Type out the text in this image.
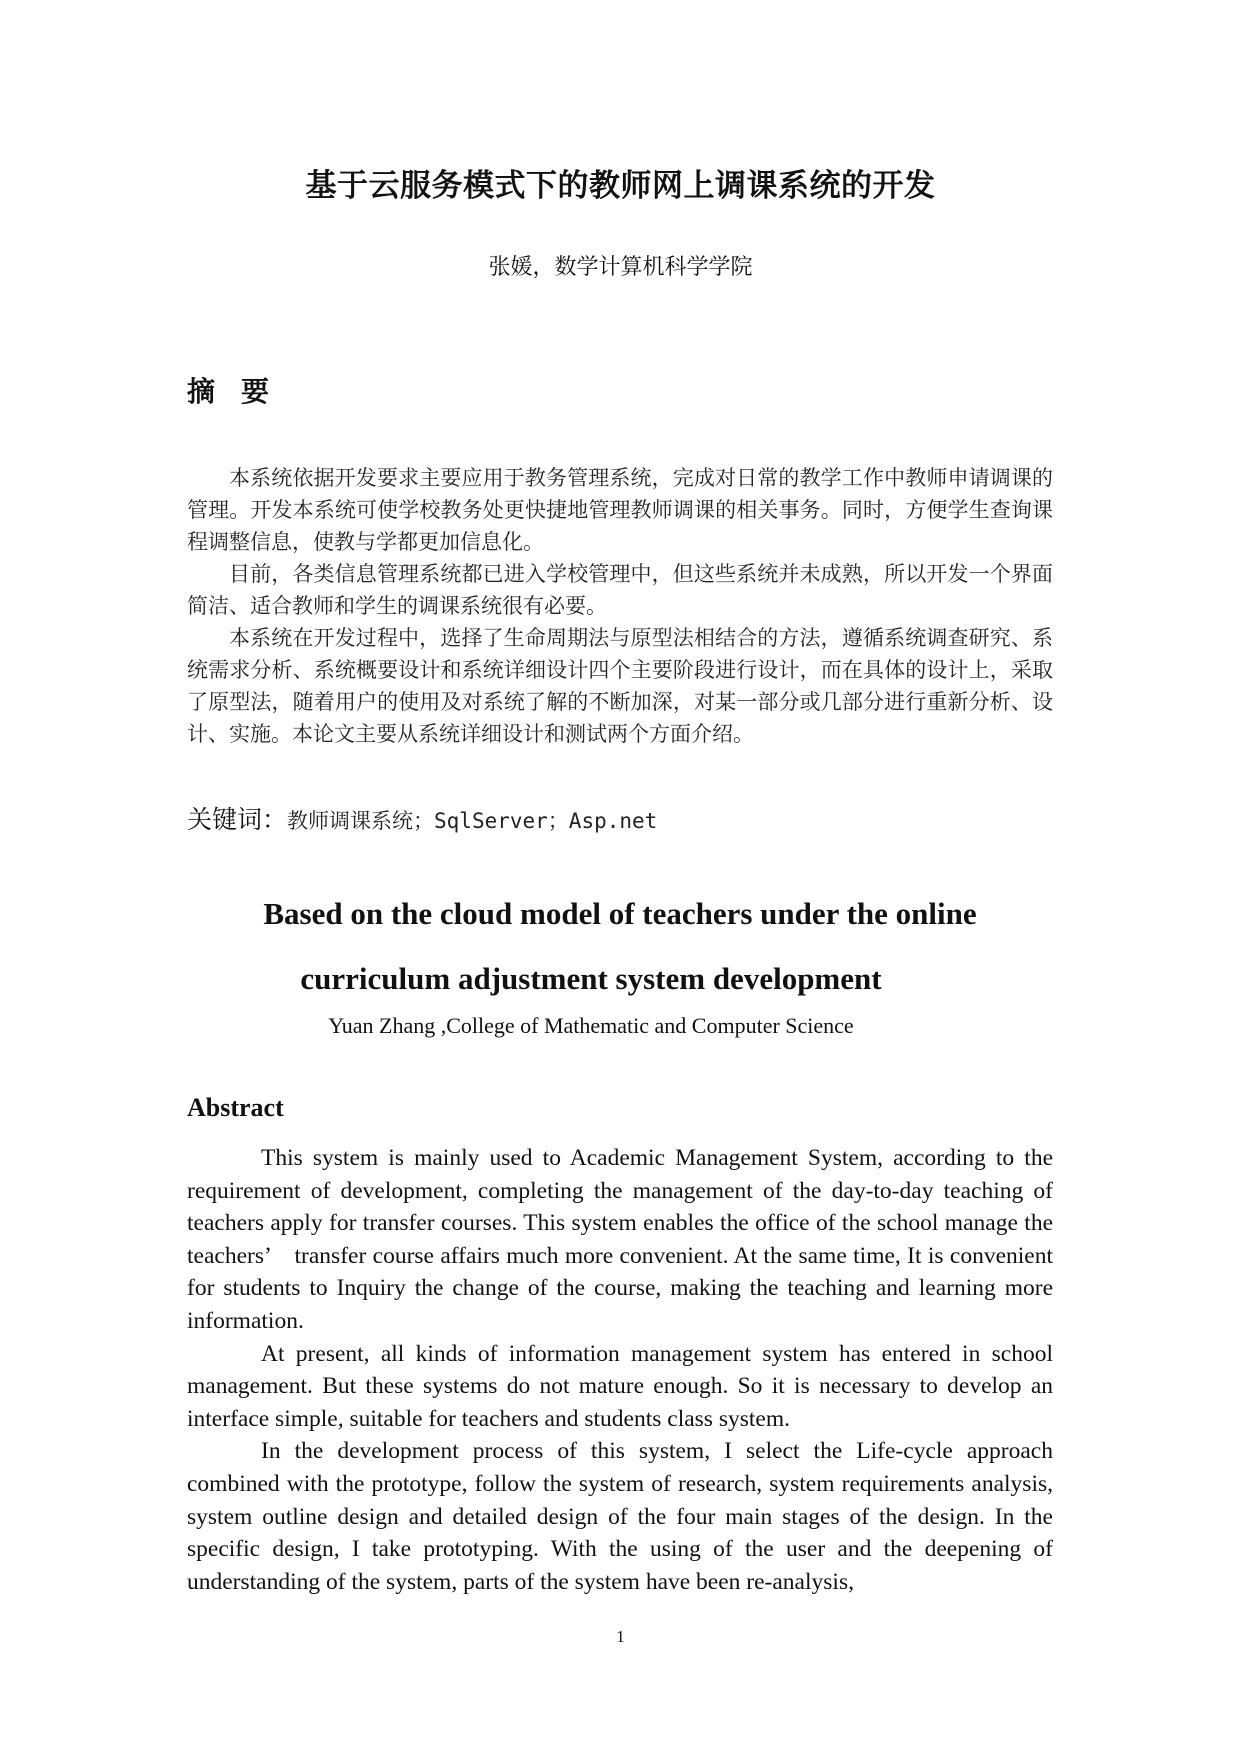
基于云服务模式下的教师网上调课系统的开发
张媛，数学计算机科学学院
摘要

本系统依据开发要求主要应用于教务管理系统，完成对日常的教学工作中教师申请调课的管理。开发本系统可使学校教务处更快捷地管理教师调课的相关事务。同时，方便学生查询课程调整信息，使教与学都更加信息化。

目前，各类信息管理系统都已进入学校管理中，但这些系统并未成熟，所以开发一个界面简洁、适合教师和学生的调课系统很有必要。

本系统在开发过程中，选择了生命周期法与原型法相结合的方法，遵循系统调查研究、系统需求分析、系统概要设计和系统详细设计四个主要阶段进行设计，而在具体的设计上，采取了原型法，随着用户的使用及对系统了解的不断加深，对某一部分或几部分进行重新分析、设计、实施。本论文主要从系统详细设计和测试两个方面介绍。

关键词：教师调课系统；SqlServer；Asp.net
Based on the cloud model of teachers under the online
curriculum adjustment system development
Yuan Zhang ,College of Mathematic and Computer Science
Abstract

This system is mainly used to Academic Management System, according to the requirement of development, completing the management of the day-to-day teaching of teachers apply for transfer courses. This system enables the office of the school manage the teachers’　transfer course affairs much more convenient. At the same time, It is convenient for students to Inquiry the change of the course, making the teaching and learning more information.

At present, all kinds of information management system has entered in school management. But these systems do not mature enough. So it is necessary to develop an interface simple, suitable for teachers and students class system.

In the development process of this system, I select the Life-cycle approach combined with the prototype, follow the system of research, system requirements analysis, system outline design and detailed design of the four main stages of the design. In the specific design, I take prototyping. With the using of the user and the deepening of understanding of the system, parts of the system have been re-analysis,

1
